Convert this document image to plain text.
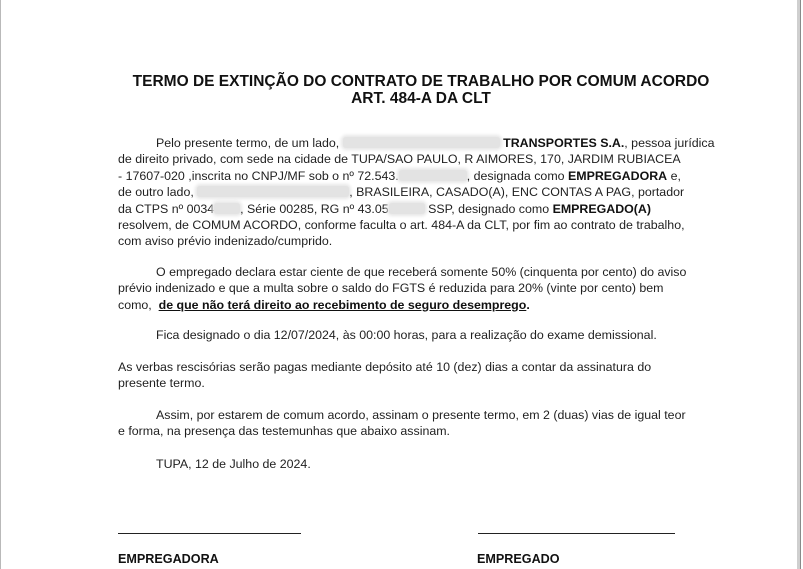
TERMO DE EXTINÇÃO DO CONTRATO DE TRABALHO POR COMUM ACORDO
ART. 484-A DA CLT
Pelo presente termo, de um lado,	TRANSPORTES S.A., pessoa jurídica
de direito privado, com sede na cidade de TUPA/SAO PAULO, R AIMORES, 170, JARDIM RUBIACEA
- 17607-020 ,inscrita no CNPJ/MF sob o nº 72.543.	, designada como EMPREGADORA e,
de outro lado,	, BRASILEIRA, CASADO(A), ENC CONTAS A PAG, portador
da CTPS nº 0034 , Série 00285, RG nº 43.05	SSP, designado como EMPREGADO(A)
resolvem, de COMUM ACORDO, conforme faculta o art. 484-A da CLT, por fim ao contrato de trabalho,
com aviso prévio indenizado/cumprido.
O empregado declara estar ciente de que receberá somente 50% (cinquenta por cento) do aviso
prévio indenizado e que a multa sobre o saldo do FGTS é reduzida para 20% (vinte por cento) bem
como, de que não terá direito ao recebimento de seguro desemprego.
Fica designado o dia 12/07/2024, às 00:00 horas, para a realização do exame demissional.
As verbas rescisórias serão pagas mediante depósito até 10 (dez) dias a contar da assinatura do
presente termo.
Assim, por estarem de comum acordo, assinam o presente termo, em 2 (duas) vias de igual teor
e forma, na presença das testemunhas que abaixo assinam.
TUPA, 12 de Julho de 2024.
EMPREGADORA	EMPREGADO
